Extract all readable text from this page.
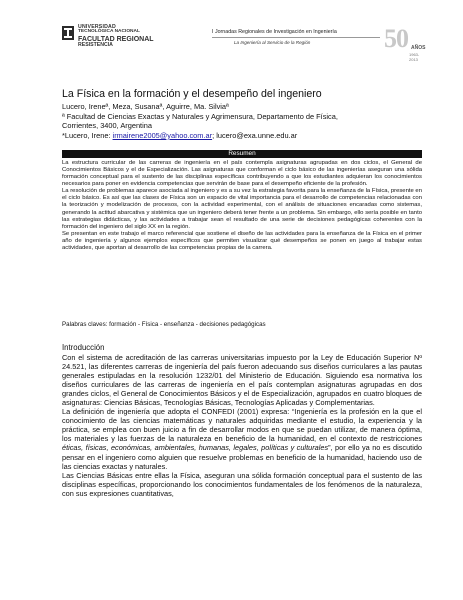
UNIVERSIDAD
TECNOLÓGICA NACIONAL
FACULTAD REGIONAL
RESISTENCIA
I Jornadas Regionales de Investigación en Ingeniería
La Ingeniería al Servicio de la Región	50 AÑOS
1963-2013
La Física en la formación y el desempeño del ingeniero
Lucero, Ireneª, Meza, Susanaª, Aguirre, Ma. Silviaª
ª Facultad de Ciencias Exactas y Naturales y Agrimensura, Departamento de Física,
Corrientes, 3400, Argentina
*Lucero, Irene: irmairene2005@yahoo.com.ar; lucero@exa.unne.edu.ar
Resumen

La estructura curricular de las carreras de ingeniería en el país contempla asignaturas agrupadas en dos ciclos, el General de Conocimientos Básicos y el de Especialización. Las asignaturas que conforman el ciclo básico de las ingenierías aseguran una sólida formación conceptual para el sustento de las disciplinas específicas contribuyendo a que los estudiantes adquieran los conocimientos necesarios para poner en evidencia competencias que servirán de base para el desempeño eficiente de la profesión.

La resolución de problemas aparece asociada al ingeniero y es a su vez la estrategia favorita para la enseñanza de la Física, presente en el ciclo básico. Es así que las clases de Física son un espacio de vital importancia para el desarrollo de competencias relacionadas con la teorización y modelización de procesos, con la actividad experimental, con el análisis de situaciones encaradas como sistemas, generando la actitud abarcativa y sistémica que un ingeniero deberá tener frente a un problema. Sin embargo, ello sería posible en tanto las estrategias didácticas, y las actividades a trabajar sean el resultado de una serie de decisiones pedagógicas coherentes con la formación del ingeniero del siglo XX en la región.

Se presentan en este trabajo el marco referencial que sostiene el diseño de las actividades para la enseñanza de la Física en el primer año de ingeniería y algunos ejemplos específicos que permiten visualizar qué desempeños se ponen en juego al trabajar estas actividades, que aportan al desarrollo de las competencias propias de la carrera.

Palabras claves: formación - Física - enseñanza - decisiones pedagógicas
Introducción

Con el sistema de acreditación de las carreras universitarias impuesto por la Ley de Educación Superior Nº 24.521, las diferentes carreras de ingeniería del país fueron adecuando sus diseños curriculares a las pautas generales estipuladas en la resolución 1232/01 del Ministerio de Educación. Siguiendo esa normativa los diseños curriculares de las carreras de ingeniería en el país contemplan asignaturas agrupadas en dos grandes ciclos, el General de Conocimientos Básicos y el de Especialización, agrupados en cuatro bloques de asignaturas: Ciencias Básicas, Tecnologías Básicas, Tecnologías Aplicadas y Complementarias.

La definición de ingeniería que adopta el CONFEDI (2001) expresa: “Ingeniería es la profesión en la que el conocimiento de las ciencias matemáticas y naturales adquiridas mediante el estudio, la experiencia y la práctica, se emplea con buen juicio a fin de desarrollar modos en que se puedan utilizar, de manera óptima, los materiales y las fuerzas de la naturaleza en beneficio de la humanidad, en el contexto de restricciones éticas, físicas, económicas, ambientales, humanas, legales, políticas y culturales”, por ello ya no es discutido pensar en el ingeniero como alguien que resuelve problemas en beneficio de la humanidad, haciendo uso de las ciencias exactas y naturales.

Las Ciencias Básicas entre ellas la Física, aseguran una sólida formación conceptual para el sustento de las disciplinas específicas, proporcionando los conocimientos fundamentales de los fenómenos de la naturaleza, con sus expresiones cuantitativas,
